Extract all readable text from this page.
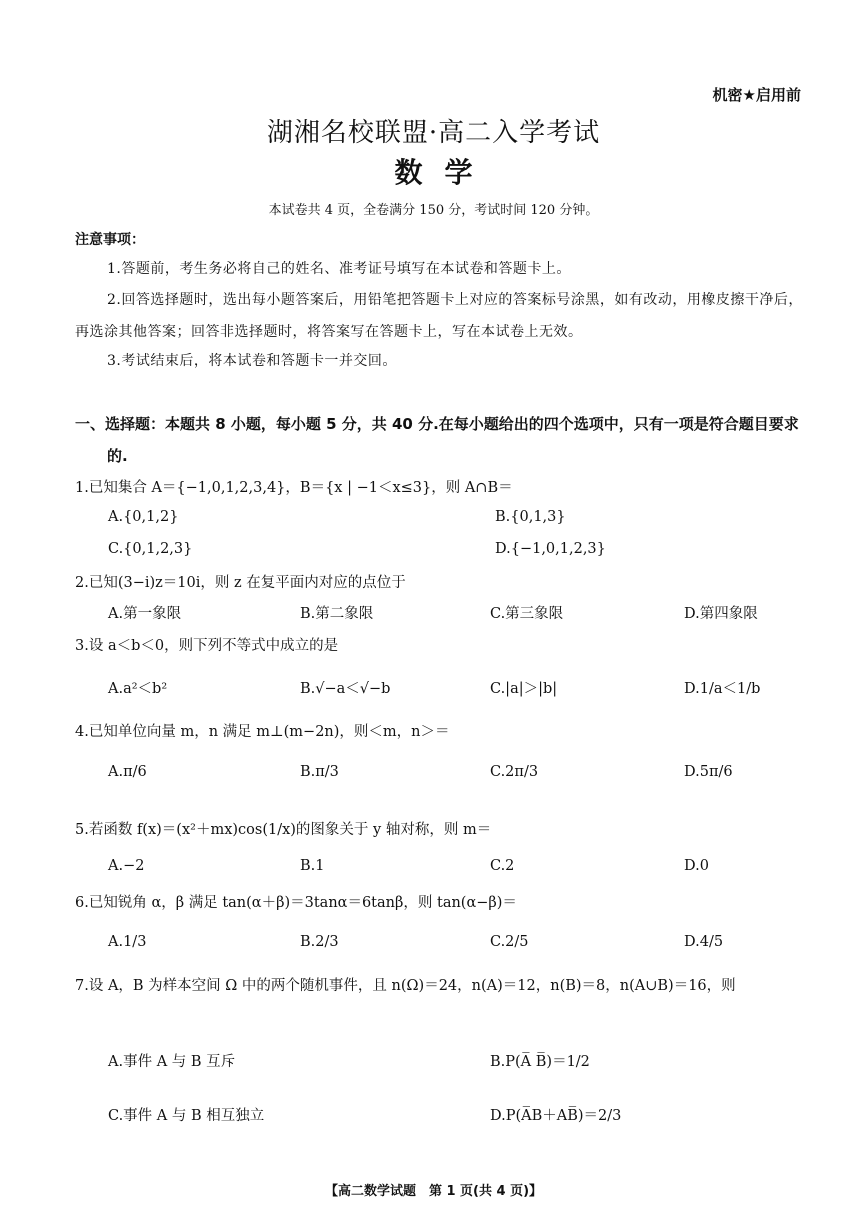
机密★启用前
湖湘名校联盟·高二入学考试
数学
本试卷共 4 页，全卷满分 150 分，考试时间 120 分钟。
注意事项：
1.答题前，考生务必将自己的姓名、准考证号填写在本试卷和答题卡上。
2.回答选择题时，选出每小题答案后，用铅笔把答题卡上对应的答案标号涂黑，如有改动，用橡皮擦干净后，再选涂其他答案；回答非选择题时，将答案写在答题卡上，写在本试卷上无效。
3.考试结束后，将本试卷和答题卡一并交回。
一、选择题：本题共 8 小题，每小题 5 分，共 40 分.在每小题给出的四个选项中，只有一项是符合题目要求的.
1.已知集合 A＝{−1,0,1,2,3,4}，B＝{x | −1＜x≤3}，则 A∩B＝
A.{0,1,2}	B.{0,1,3}
C.{0,1,2,3}	D.{−1,0,1,2,3}
2.已知(3−i)z＝10i，则 z 在复平面内对应的点位于
A.第一象限	B.第二象限	C.第三象限	D.第四象限
3.设 a＜b＜0，则下列不等式中成立的是
A.a²＜b²	B.√−a＜√−b	C.|a|＞|b|	D.1/a＜1/b
4.已知单位向量 m，n 满足 m⊥(m−2n)，则＜m，n＞＝
A.π/6	B.π/3	C.2π/3	D.5π/6
5.若函数 f(x)＝(x²＋mx)cos(1/x)的图象关于 y 轴对称，则 m＝
A.−2	B.1	C.2	D.0
6.已知锐角 α，β 满足 tan(α＋β)＝3tanα＝6tanβ，则 tan(α−β)＝
A.1/3	B.2/3	C.2/5	D.4/5
7.设 A，B 为样本空间 Ω 中的两个随机事件，且 n(Ω)＝24，n(A)＝12，n(B)＝8，n(A∪B)＝16，则
A.事件 A 与 B 互斥	B.P(A̅ B̅)＝1/2
C.事件 A 与 B 相互独立	D.P(A̅B＋AB̅)＝2/3
【高二数学试题　第 1 页(共 4 页)】
